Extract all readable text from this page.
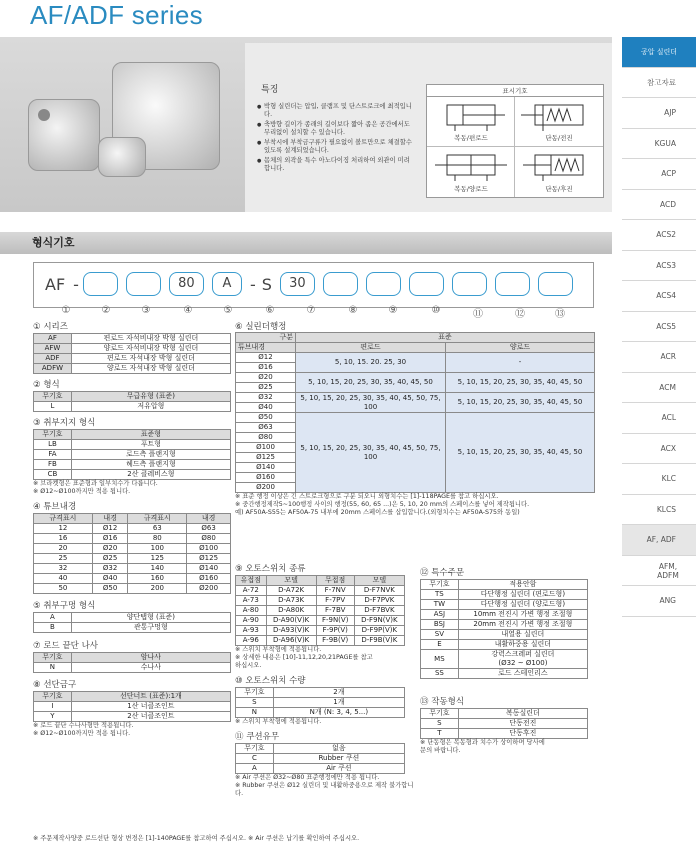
AF/ADF series
특징
● 박형 실린더는 압입, 클램프 및 단스트로크에 최적입니다.
● 축방향 길이가 종래의 길이보다 짧아 좁은 공간에서도 무리없이 설치할 수 있습니다.
● 부착시에 부착금구류가 필요없이 볼트만으로 체결할수 있도록 설계되었습니다.
● 몸체의 외곽을 특수 아노다이징 처리하여 외관이 미려합니다.
표시기호
복동/편로드	단동/전진
복동/양로드	단동/후진
형식기호
AF -	80	A	- S	30
①	②	③	④	⑤	⑥	⑦	⑧	⑨	⑩	⑪	⑫	⑬
① 시리즈
AF	편로드 자석비내장 박형 실린더
AFW	양로드 자석비내장 박형 실린더
ADF	편로드 자석내장 박형 실린더
ADFW	양로드 자석내장 박형 실린더
② 형식
무기호	무급유형 (표준)
L	저유압형
③ 취부지지 형식
무기호	표준형
LB	푸트형
FA	로드측 플랜지형
FB	헤드측 플랜지형
CB	2산 클레비스형
※ 브라켓형은 표준형과 일부치수가 다릅니다.
※ Ø12~Ø100까지만 적용 됩니다.
④ 튜브내경
규격표시	내경	규격표시	내경
12	Ø12	63	Ø63
16	Ø16	80	Ø80
20	Ø20	100	Ø100
25	Ø25	125	Ø125
32	Ø32	140	Ø140
40	Ø40	160	Ø160
50	Ø50	200	Ø200
⑤ 취부구멍 형식
A	양단탭형 (표준)
B	관통구멍형
⑦ 로드 끝단 나사
무기호	암나사
N	수나사
⑧ 선단금구
무기호	선단너트 (표준):1개
I	1산 너클조인트
Y	2산 너클조인트
※ 로드 끝단 수나사형만 적용됩니다.
※ Ø12~Ø100까지만 적용 됩니다.
⑥ 실린더행정
구분	표준	
튜브내경	편로드	양로드
Ø12	5, 10, 15. 20. 25, 30	-
Ø16		
Ø20	5, 10, 15, 20, 25, 30, 35, 40, 45, 50	5, 10, 15, 20, 25, 30, 35, 40, 45, 50
Ø25		
Ø32	5, 10, 15, 20, 25, 30, 35, 40, 45, 50, 75, 100	5, 10, 15, 20, 25, 30, 35, 40, 45, 50
Ø40		
Ø50	5, 10, 15, 20, 25, 30, 35, 40, 45, 50, 75, 100	5, 10, 15, 20, 25, 30, 35, 40, 45, 50
Ø63		
Ø80		
Ø100		
Ø125		
Ø140		
Ø160		
Ø200		
※ 표준 행정 이상은 긴 스트로크형으로 구분 되오니 외형치수는 [1]-118PAGE를 참고 하십시오.
※ 중간행정제작5~100행정 사이의 행정(55, 60, 65 ...)은 5, 10, 20 mm의 스페이스를 넣어 제작됩니다.
예) AF50A-S55는 AF50A-75 내부에 20mm 스페이스를 삽입합니다.(외형치수는 AF50A-S75와 동일)
⑨ 오토스위치 종류
유접점	모델	무접점	모델
A-72	D-A72K	F-7NV	D-F7NVK
A-73	D-A73K	F-7PV	D-F7PVK
A-80	D-A80K	F-7BV	D-F7BVK
A-90	D-A90(V)K	F-9N(V)	D-F9N(V)K
A-93	D-A93(V)K	F-9P(V)	D-F9P(V)K
A-96	D-A96(V)K	F-9B(V)	D-F9B(V)K
※ 스위치 부착형에 적용됩니다.
※ 상세한 내용은 [10]-11,12,20,21PAGE를 참고
하십시오.
⑩ 오토스위치 수량
무기호	2개
S	1개
N	N개 (N: 3, 4, 5...)
※ 스위치 부착형에 적용됩니다.
⑪ 쿠션유무
무기호	없음
C	Rubber 쿠션
A	Air 쿠션
※ Air 쿠션은 Ø32~Ø80 표준행정에만 적용 됩니다.
※ Rubber 쿠션은 Ø12 실린더 및 내활하중용으로 제작 불가합니다.
⑫ 특수주문
무기호	적용안함
TS	다단행정 실린더 (편로드형)
TW	다단행정 실린더 (양로드형)
ASJ	10mm 전진시 가변 행정 조절형
BSJ	20mm 전진시 가변 행정 조절형
SV	내열용 실린더
E	내활하중용 실린더
MS	강력스크레퍼 실린더
(Ø32 ~ Ø100)
SS	로드 스테인리스
⑬ 작동형식
무기호	복동실린더
S	단동전진
T	단동후진
※ 단동형은 복동형과 치수가 상이하며 당사에
문의 바랍니다.
※ 주문제작사양중 로드선단 형상 변경은 [1]-140PAGE를 참고하여 주십시오. ※ Air 쿠션은 납기를 확인하여 주십시오.
공압 실린더
참고자료
AJP
KGUA
ACP
ACD
ACS2
ACS3
ACS4
ACS5
ACR
ACM
ACL
ACX
KLC
KLCS
AF, ADF
AFM, ADFM
ANG
